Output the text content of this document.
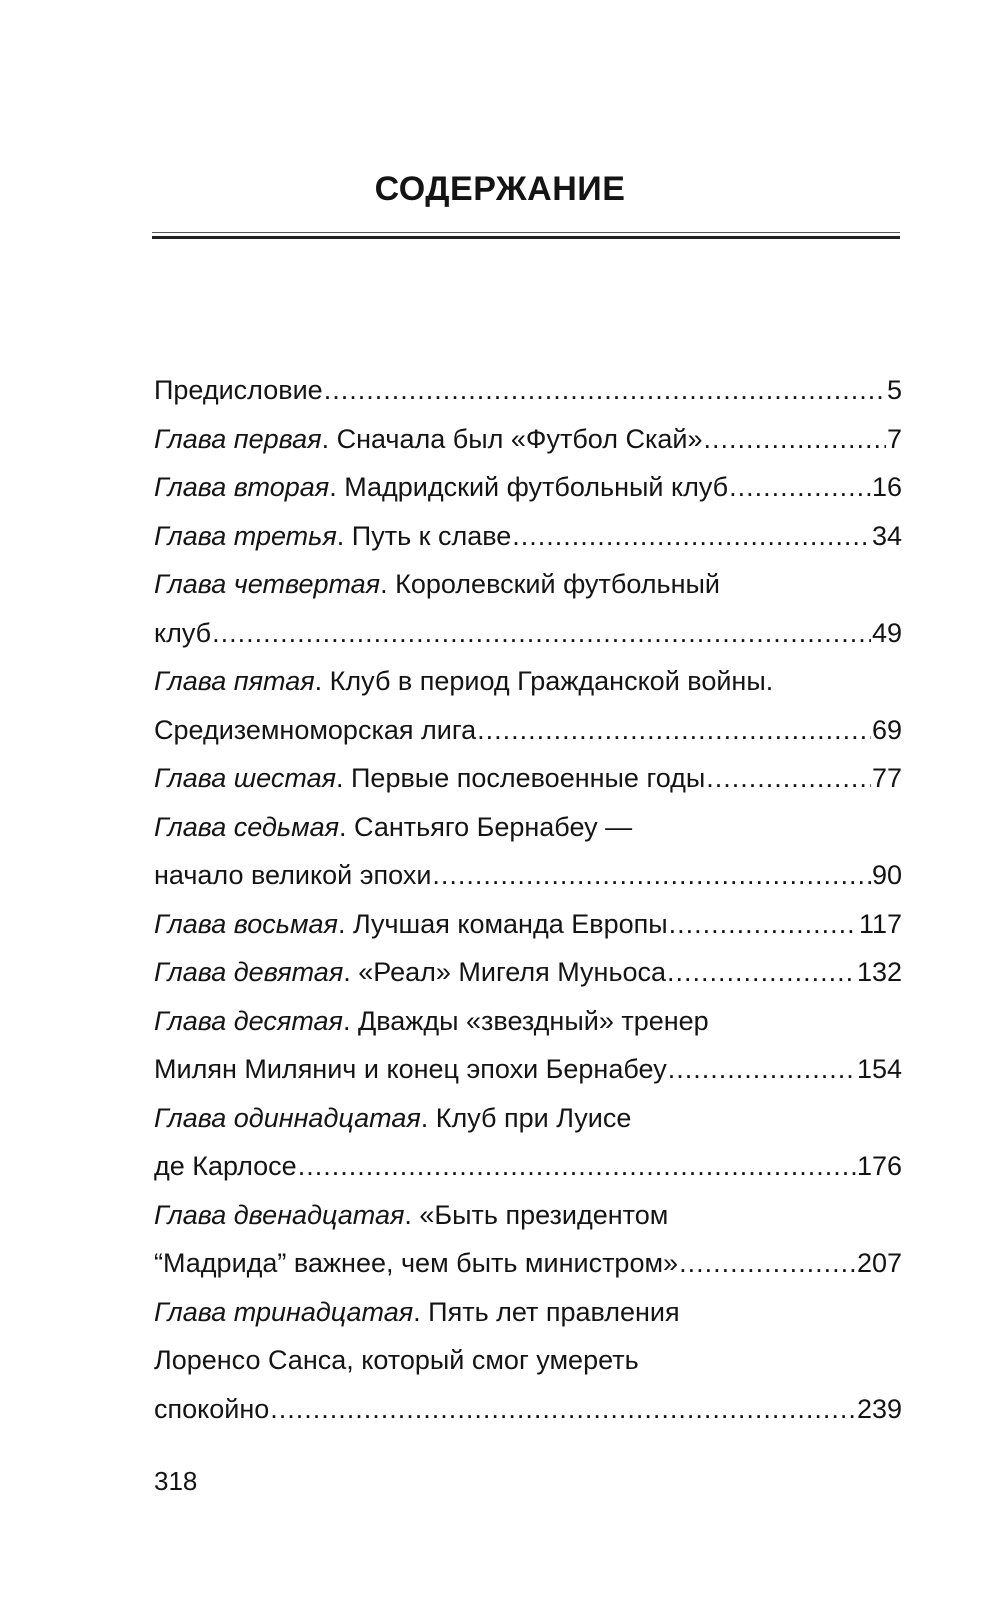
СОДЕРЖАНИЕ
Предисловие .....	5
Глава первая. Сначала был «Футбол Скай» .....	7
Глава вторая. Мадридский футбольный клуб .....	16
Глава третья. Путь к славе .....	34
Глава четвертая. Королевский футбольный
клуб .....	49
Глава пятая. Клуб в период Гражданской войны.
Средиземноморская лига .....	69
Глава шестая. Первые послевоенные годы .....	77
Глава седьмая. Сантьяго Бернабеу —
начало великой эпохи .....	90
Глава восьмая. Лучшая команда Европы .....	117
Глава девятая. «Реал» Мигеля Муньоса .....	132
Глава десятая. Дважды «звездный» тренер
Милян Милянич и конец эпохи Бернабеу .....	154
Глава одиннадцатая. Клуб при Луисе
де Карлосе .....	176
Глава двенадцатая. «Быть президентом
“Мадрида” важнее, чем быть министром» .....	207
Глава тринадцатая. Пять лет правления
Лоренсо Санса, который смог умереть
спокойно .....	239
318
